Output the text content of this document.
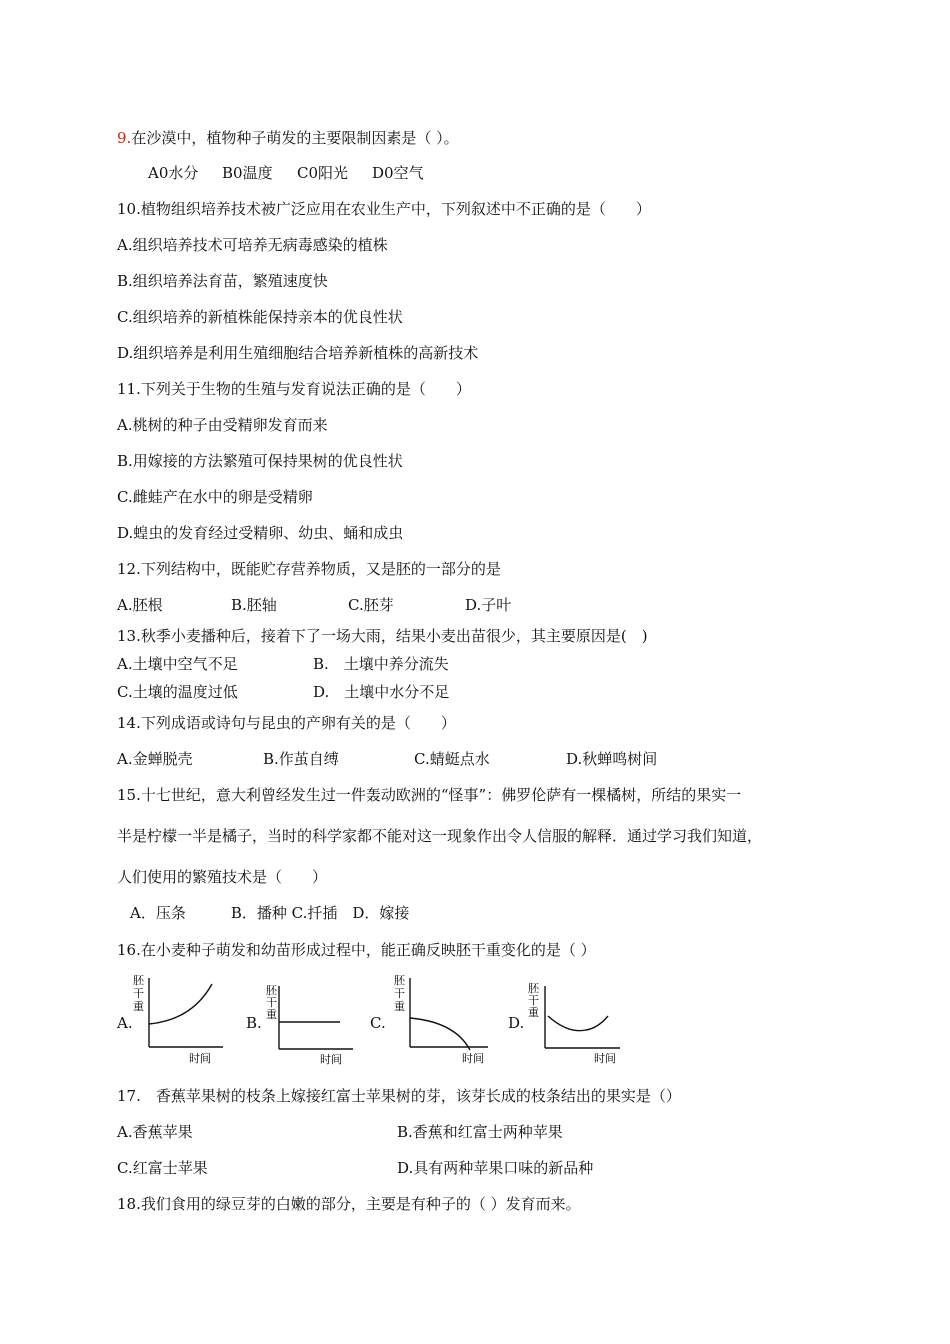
9.在沙漠中，植物种子萌发的主要限制因素是（ ）。
A0水分 B0温度 C0阳光 D0空气
10.植物组织培养技术被广泛应用在农业生产中，下列叙述中不正确的是（　　）
A.组织培养技术可培养无病毒感染的植株
B.组织培养法育苗，繁殖速度快
C.组织培养的新植株能保持亲本的优良性状
D.组织培养是利用生殖细胞结合培养新植株的高新技术
11.下列关于生物的生殖与发育说法正确的是（　　）
A.桃树的种子由受精卵发育而来
B.用嫁接的方法繁殖可保持果树的优良性状
C.雌蛙产在水中的卵是受精卵
D.蝗虫的发育经过受精卵、幼虫、蛹和成虫
12.下列结构中，既能贮存营养物质，又是胚的一部分的是
A.胚根	B.胚轴	C.胚芽	D.子叶
13.秋季小麦播种后，接着下了一场大雨，结果小麦出苗很少，其主要原因是(　)
A.土壤中空气不足	B.　土壤中养分流失
C.土壤的温度过低	D.　土壤中水分不足
14.下列成语或诗句与昆虫的产卵有关的是（　　）
A.金蝉脱壳	B.作茧自缚	C.蜻蜓点水	D.秋蝉鸣树间
15.十七世纪，意大利曾经发生过一件轰动欧洲的“怪事”：佛罗伦萨有一棵橘树，所结的果实一
半是柠檬一半是橘子，当时的科学家都不能对这一现象作出令人信服的解释．通过学习我们知道，
人们使用的繁殖技术是（　　）
A．压条　　　B．播种 C.扦插　D．嫁接
16.在小麦种子萌发和幼苗形成过程中，能正确反映胚干重变化的是（ ）
A.
胚
干
重
时间
B.
胚
干
重
时间
C.
胚
干
重
时间
D.
胚
干
重
时间
17.　香蕉苹果树的枝条上嫁接红富士苹果树的芽，该芽长成的枝条结出的果实是（）
A.香蕉苹果	B.香蕉和红富士两种苹果
C.红富士苹果	D.具有两种苹果口味的新品种
18.我们食用的绿豆芽的白嫩的部分，主要是有种子的（ ）发育而来。
